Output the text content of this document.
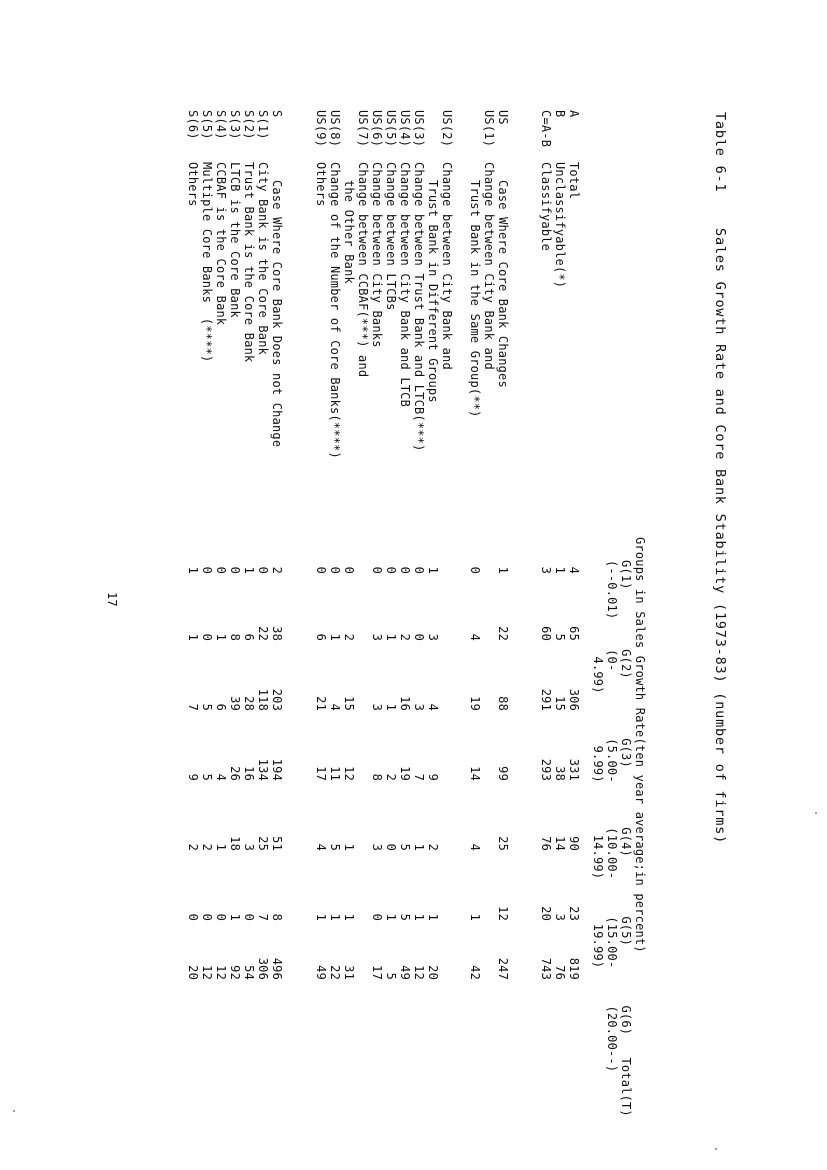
Table 6-1    Sales Growth Rate and Core Bank Stability (1973-83) (number of firms)
Groups in Sales Growth Rate(ten year average;in percent)
G(1)        G(2)        G(3)        G(4)        G(5)        G(6)   Total(T)
(--0.01)    (0-         (5.00-      (10.00-     (15.00-     (20.00--)
4.99)       9.99)       14.99)      19.99)
A
Total
4
65
306
331
90
23
819
B
Unclassifyable(*)
1
5
15
38
14
3
76
C=A-B
Classifyable
3
60
291
293
76
20
743
US
Case Where Core Bank Changes
1
22
88
99
25
12
247
US(1)
Change between City Bank and
Trust Bank in the Same Group(**)
0
4
19
14
4
1
42
US(2)
Change between City Bank and
Trust Bank in Different Groups
1
3
4
9
2
1
20
US(3)
Change between Trust Bank and LTCB(***)
0
0
3
7
1
1
12
US(4)
Change between City Bank and LTCB
0
2
16
19
5
5
49
US(5)
Change between LTCBs
0
1
1
2
0
1
5
US(6)
Change between City Banks
0
3
3
8
3
0
17
US(7)
Change between CCBAF(***) and
the Other Bank
0
2
15
12
1
1
31
US(8)
Change of the Number of Core Banks(****)
0
1
4
11
5
1
22
US(9)
Others
0
6
21
17
4
1
49
S
Case Where Core Bank Does not Change
2
38
203
194
51
8
496
S(1)
City Bank is the Core Bank
0
22
118
134
25
7
306
S(2)
Trust Bank is the Core Bank
1
6
28
16
3
0
54
S(3)
LTCB is the Core Bank
0
8
39
26
18
1
92
S(4)
CCBAF is the Core Bank
0
1
6
4
1
0
12
S(5)
Multiple Core Banks  (****)
0
0
5
5
2
0
12
S(6)
Others
1
1
7
9
2
0
20
17
